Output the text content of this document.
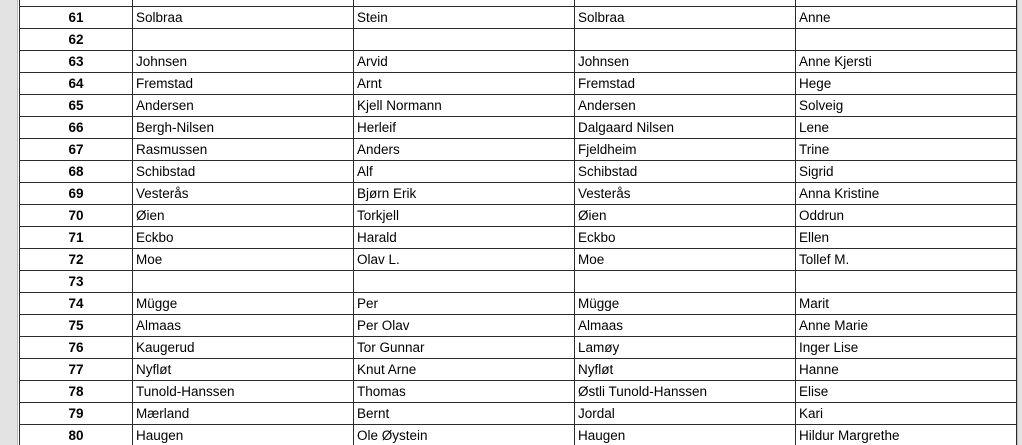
61	Solbraa	Stein	Solbraa	Anne
62				
63	Johnsen	Arvid	Johnsen	Anne Kjersti
64	Fremstad	Arnt	Fremstad	Hege
65	Andersen	Kjell Normann	Andersen	Solveig
66	Bergh-Nilsen	Herleif	Dalgaard Nilsen	Lene
67	Rasmussen	Anders	Fjeldheim	Trine
68	Schibstad	Alf	Schibstad	Sigrid
69	Vesterås	Bjørn Erik	Vesterås	Anna Kristine
70	Øien	Torkjell	Øien	Oddrun
71	Eckbo	Harald	Eckbo	Ellen
72	Moe	Olav L.	Moe	Tollef M.
73				
74	Mügge	Per	Mügge	Marit
75	Almaas	Per Olav	Almaas	Anne Marie
76	Kaugerud	Tor Gunnar	Lamøy	Inger Lise
77	Nyfløt	Knut Arne	Nyfløt	Hanne
78	Tunold-Hanssen	Thomas	Østli Tunold-Hanssen	Elise
79	Mærland	Bernt	Jordal	Kari
80	Haugen	Ole Øystein	Haugen	Hildur Margrethe
